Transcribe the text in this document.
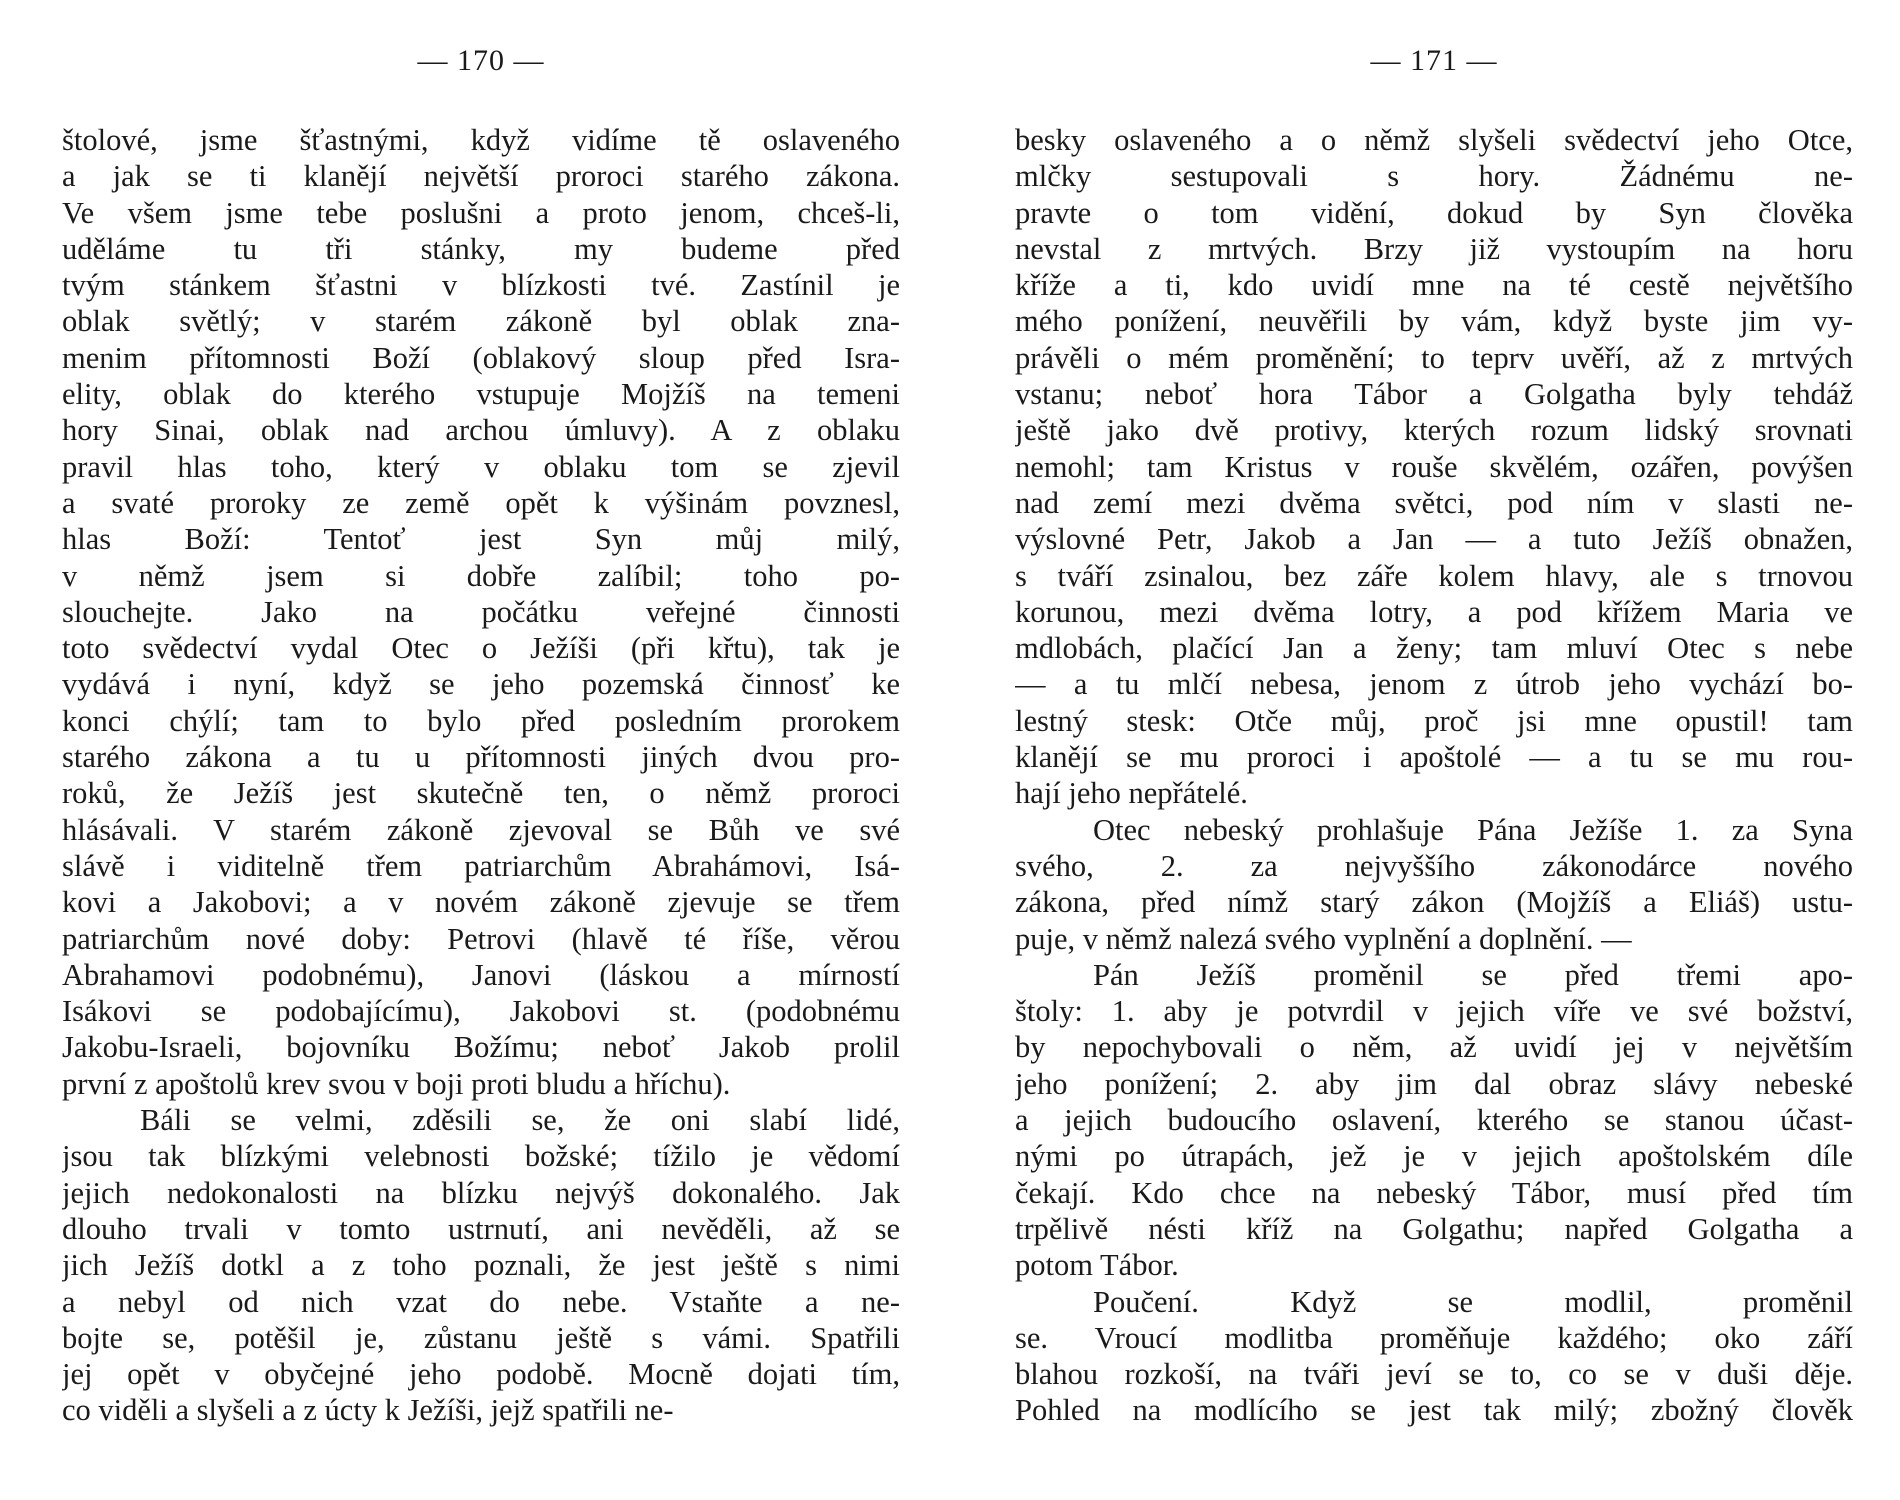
— 170 —
štolové, jsme šťastnými, když vidíme tě oslaveného
a jak se ti klanějí největší proroci starého zákona.
Ve všem jsme tebe poslušni a proto jenom, chceš-li,
uděláme tu tři stánky, my budeme před
tvým stánkem šťastni v blízkosti tvé. Zastínil je
oblak světlý; v starém zákoně byl oblak zna-
menim přítomnosti Boží (oblakový sloup před Isra-
elity, oblak do kterého vstupuje Mojžíš na temeni
hory Sinai, oblak nad archou úmluvy). A z oblaku
pravil hlas toho, který v oblaku tom se zjevil
a svaté proroky ze země opět k výšinám povznesl,
hlas Boží: Tentoť jest Syn můj milý,
v němž jsem si dobře zalíbil; toho po-
slouchejte. Jako na počátku veřejné činnosti
toto svědectví vydal Otec o Ježíši (při křtu), tak je
vydává i nyní, když se jeho pozemská činnosť ke
konci chýlí; tam to bylo před posledním prorokem
starého zákona a tu u přítomnosti jiných dvou pro-
roků, že Ježíš jest skutečně ten, o němž proroci
hlásávali. V starém zákoně zjevoval se Bůh ve své
slávě i viditelně třem patriarchům Abrahámovi, Isá-
kovi a Jakobovi; a v novém zákoně zjevuje se třem
patriarchům nové doby: Petrovi (hlavě té říše, věrou
Abrahamovi podobnému), Janovi (láskou a mírností
Isákovi se podobajícímu), Jakobovi st. (podobnému
Jakobu-Israeli, bojovníku Božímu; neboť Jakob prolil
první z apoštolů krev svou v boji proti bludu a hříchu).
Báli se velmi, zděsili se, že oni slabí lidé,
jsou tak blízkými velebnosti božské; tížilo je vědomí
jejich nedokonalosti na blízku nejvýš dokonalého. Jak
dlouho trvali v tomto ustrnutí, ani nevěděli, až se
jich Ježíš dotkl a z toho poznali, že jest ještě s nimi
a nebyl od nich vzat do nebe. Vstaňte a ne-
bojte se, potěšil je, zůstanu ještě s vámi. Spatřili
jej opět v obyčejné jeho podobě. Mocně dojati tím,
co viděli a slyšeli a z úcty k Ježíši, jejž spatřili ne-
— 171 —
besky oslaveného a o němž slyšeli svědectví jeho Otce,
mlčky sestupovali s hory. Žádnému ne-
pravte o tom vidění, dokud by Syn člověka
nevstal z mrtvých. Brzy již vystoupím na horu
kříže a ti, kdo uvidí mne na té cestě největšího
mého ponížení, neuvěřili by vám, když byste jim vy-
právěli o mém proměnění; to teprv uvěří, až z mrtvých
vstanu; neboť hora Tábor a Golgatha byly tehdáž
ještě jako dvě protivy, kterých rozum lidský srovnati
nemohl; tam Kristus v rouše skvělém, ozářen, povýšen
nad zemí mezi dvěma světci, pod ním v slasti ne-
výslovné Petr, Jakob a Jan — a tuto Ježíš obnažen,
s tváří zsinalou, bez záře kolem hlavy, ale s trnovou
korunou, mezi dvěma lotry, a pod křížem Maria ve
mdlobách, plačící Jan a ženy; tam mluví Otec s nebe
— a tu mlčí nebesa, jenom z útrob jeho vychází bo-
lestný stesk: Otče můj, proč jsi mne opustil! tam
klanějí se mu proroci i apoštolé — a tu se mu rou-
hají jeho nepřátelé.
Otec nebeský prohlašuje Pána Ježíše 1. za Syna
svého, 2. za nejvyššího zákonodárce nového
zákona, před nímž starý zákon (Mojžíš a Eliáš) ustu-
puje, v němž nalezá svého vyplnění a doplnění. —
Pán Ježíš proměnil se před třemi apo-
štoly: 1. aby je potvrdil v jejich víře ve své božství,
by nepochybovali o něm, až uvidí jej v největším
jeho ponížení; 2. aby jim dal obraz slávy nebeské
a jejich budoucího oslavení, kterého se stanou účast-
nými po útrapách, jež je v jejich apoštolském díle
čekají. Kdo chce na nebeský Tábor, musí před tím
trpělivě nésti kříž na Golgathu; napřed Golgatha a
potom Tábor.
Poučení. Když se modlil, proměnil
se. Vroucí modlitba proměňuje každého; oko září
blahou rozkoší, na tváři jeví se to, co se v duši děje.
Pohled na modlícího se jest tak milý; zbožný člověk
